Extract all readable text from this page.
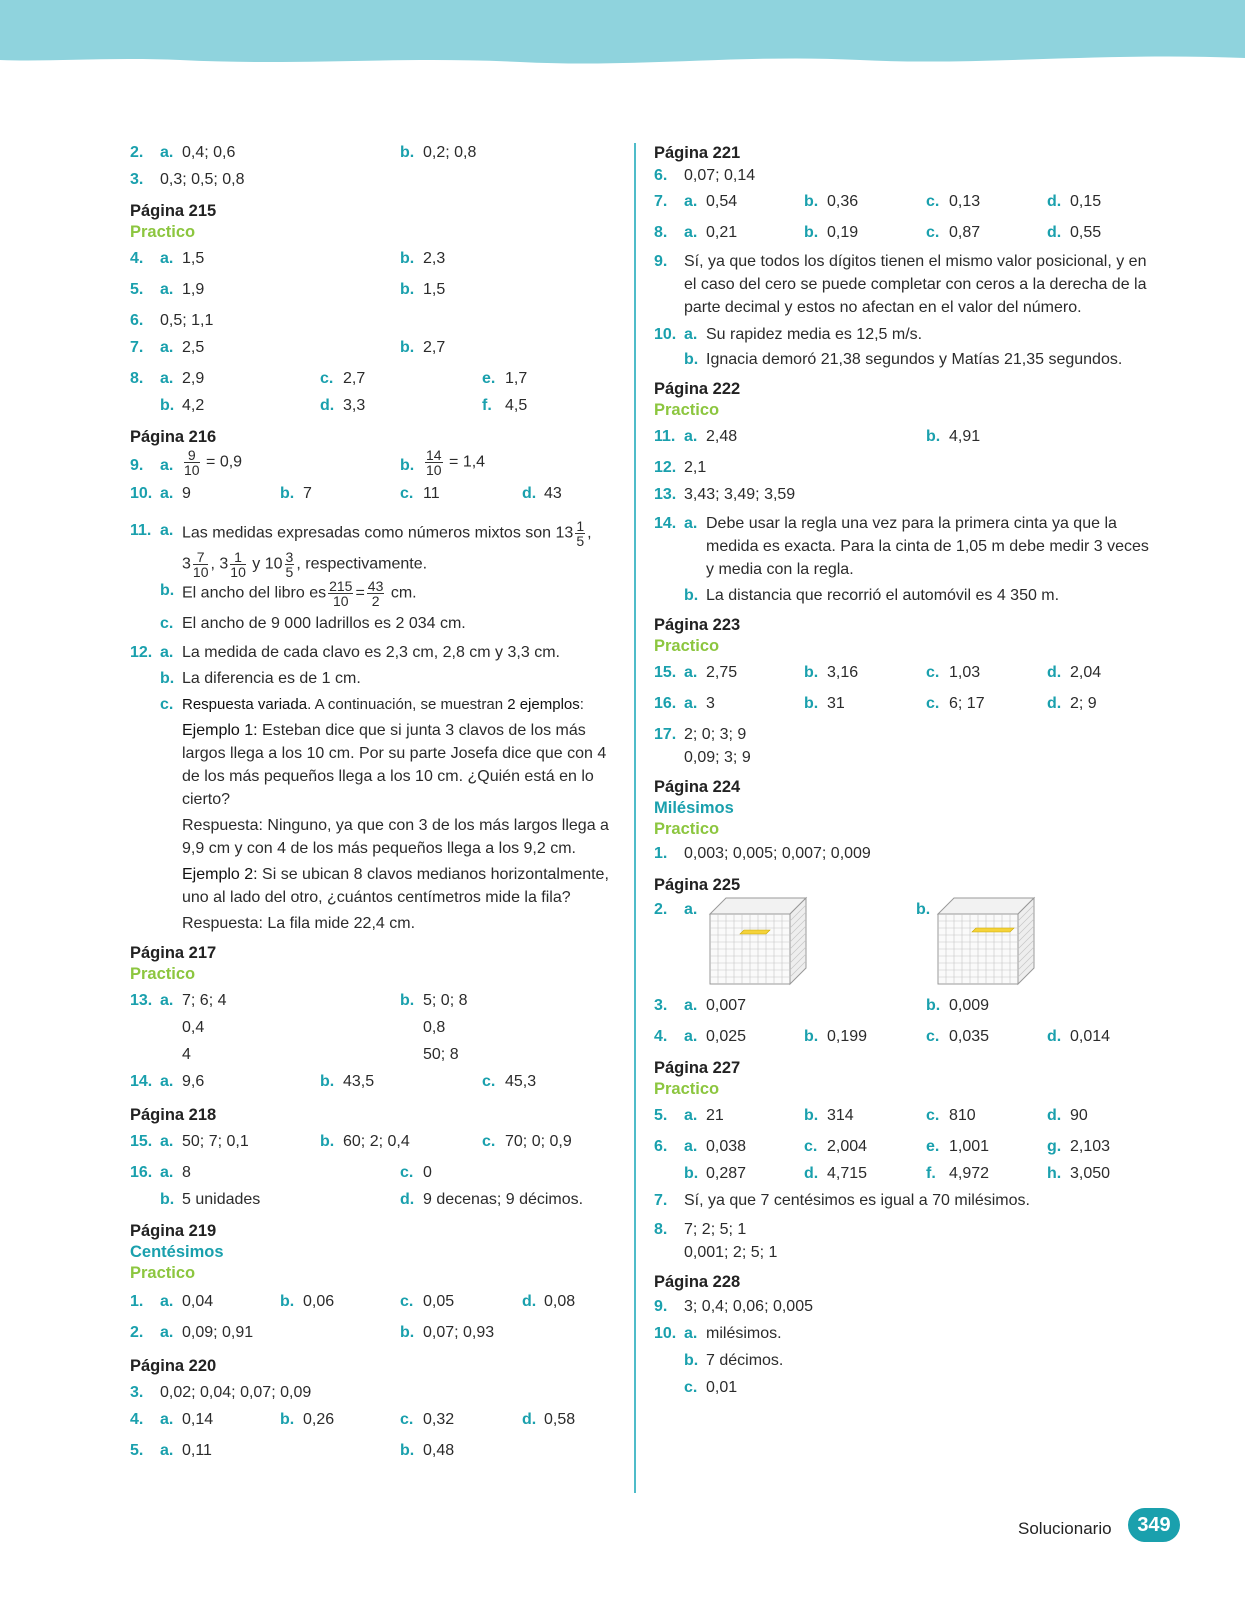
2. a. 0,4; 0,6	b. 0,2; 0,8
3. 0,3; 0,5; 0,8
Página 215
Practico
4. a. 1,5	b. 2,3
5. a. 1,9	b. 1,5
6. 0,5; 1,1
7. a. 2,5	b. 2,7
8. a. 2,9	c. 2,7	e. 1,7
b. 4,2	d. 3,3	f. 4,5
Página 216
9. a. $\frac{9}{10} = 0,9$	b. $\frac{14}{10} = 1,4$
10. a. 9	b. 7	c. 11	d. 43
11. a. Las medidas expresadas como números mixtos son $13 \frac{1}{5}$ ,
$3 \frac{7}{10}$ , $3 \frac{1}{10}$ y $10 \frac{3}{5}$ , respectivamente.
b. El ancho del libro es $\frac{215}{10} = \frac{43}{2}$ cm.
c. El ancho de 9 000 ladrillos es 2 034 cm.
12. a. La medida de cada clavo es 2,3 cm, 2,8 cm y 3,3 cm.
b. La diferencia es de 1 cm.
c. Respuesta variada. A continuación, se muestran 2 ejemplos:
Ejemplo 1: Esteban dice que si junta 3 clavos de los más largos llega a los 10 cm. Por su parte Josefa dice que con 4 de los más pequeños llega a los 10 cm. ¿Quién está en lo cierto?
Respuesta: Ninguno, ya que con 3 de los más largos llega a 9,9 cm y con 4 de los más pequeños llega a los 9,2 cm.
Ejemplo 2: Si se ubican 8 clavos medianos horizontalmente, uno al lado del otro, ¿cuántos centímetros mide la fila?
Respuesta: La fila mide 22,4 cm.
Página 217
Practico
13. a. 7; 6; 4	b. 5; 0; 8
0,4	0,8
4	50; 8
14. a. 9,6	b. 43,5	c. 45,3
Página 218
15. a. 50; 7; 0,1	b. 60; 2; 0,4	c. 70; 0; 0,9
16. a. 8	c. 0
b. 5 unidades	d. 9 decenas; 9 décimos.
Página 219
Centésimos
Practico
1. a. 0,04	b. 0,06	c. 0,05	d. 0,08
2. a. 0,09; 0,91	b. 0,07; 0,93
Página 220
3. 0,02; 0,04; 0,07; 0,09
4. a. 0,14	b. 0,26	c. 0,32	d. 0,58
5. a. 0,11	b. 0,48
Página 221
6. 0,07; 0,14
7. a. 0,54	b. 0,36	c. 0,13	d. 0,15
8. a. 0,21	b. 0,19	c. 0,87	d. 0,55
9. Sí, ya que todos los dígitos tienen el mismo valor posicional, y en el caso del cero se puede completar con ceros a la derecha de la parte decimal y estos no afectan en el valor del número.
10. a. Su rapidez media es 12,5 m/s.
b. Ignacia demoró 21,38 segundos y Matías 21,35 segundos.
Página 222
Practico
11. a. 2,48	b. 4,91
12. 2,1
13. 3,43; 3,49; 3,59
14. a. Debe usar la regla una vez para la primera cinta ya que la medida es exacta. Para la cinta de 1,05 m debe medir 3 veces y media con la regla.
b. La distancia que recorrió el automóvil es 4 350 m.
Página 223
Practico
15. a. 2,75	b. 3,16	c. 1,03	d. 2,04
16. a. 3	b. 31	c. 6; 17	d. 2; 9
17. 2; 0; 3; 9
0,09; 3; 9
Página 224
Milésimos
Practico
1. 0,003; 0,005; 0,007; 0,009
Página 225
2. a.	b.
3. a. 0,007	b. 0,009
4. a. 0,025	b. 0,199	c. 0,035	d. 0,014
Página 227
Practico
5. a. 21	b. 314	c. 810	d. 90
6. a. 0,038	c. 2,004	e. 1,001	g. 2,103
b. 0,287	d. 4,715	f. 4,972	h. 3,050
7. Sí, ya que 7 centésimos es igual a 70 milésimos.
8. 7; 2; 5; 1
0,001; 2; 5; 1
Página 228
9. 3; 0,4; 0,06; 0,005
10. a. milésimos.
b. 7 décimos.
c. 0,01
Solucionario	349
